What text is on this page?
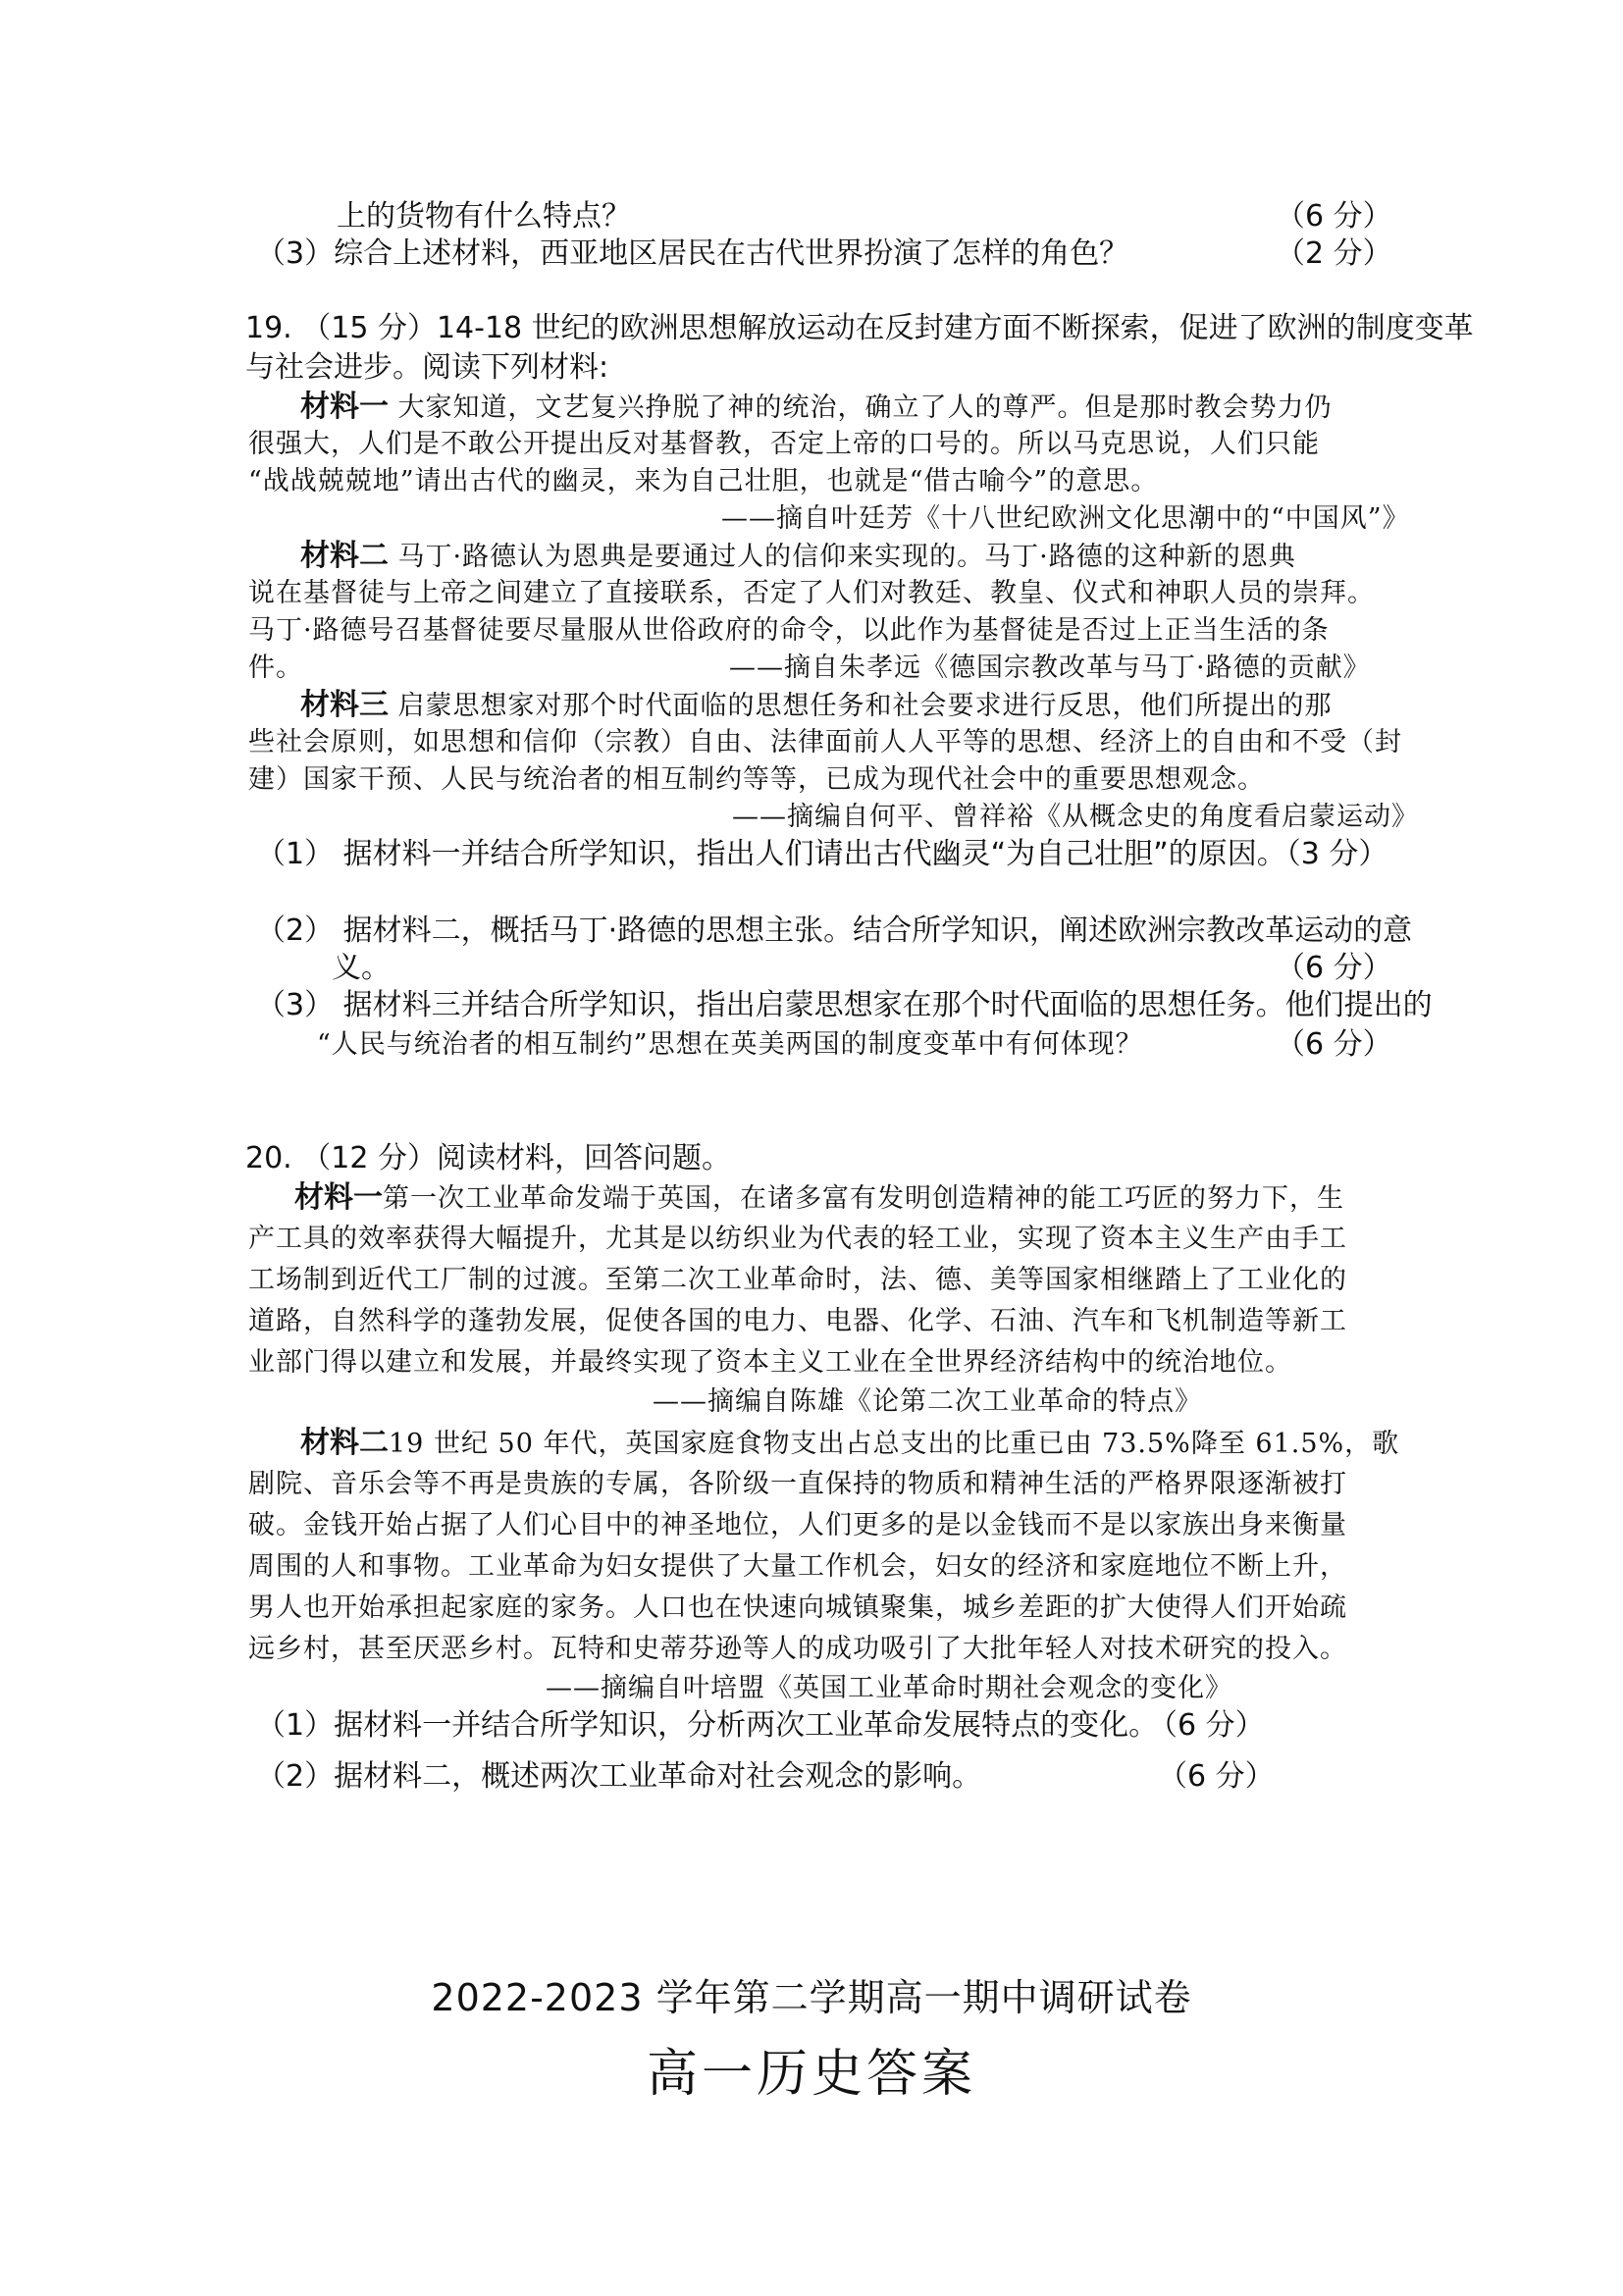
上的货物有什么特点？	（6 分）
（3）综合上述材料，西亚地区居民在古代世界扮演了怎样的角色？	（2 分）
19. （15 分）14-18 世纪的欧洲思想解放运动在反封建方面不断探索，促进了欧洲的制度变革
与社会进步。阅读下列材料:
材料一 大家知道，文艺复兴挣脱了神的统治，确立了人的尊严。但是那时教会势力仍
很强大，人们是不敢公开提出反对基督教，否定上帝的口号的。所以马克思说，人们只能
“战战兢兢地”请出古代的幽灵，来为自己壮胆，也就是“借古喻今”的意思。
——摘自叶廷芳《十八世纪欧洲文化思潮中的“中国风”》
材料二 马丁·路德认为恩典是要通过人的信仰来实现的。马丁·路德的这种新的恩典
说在基督徒与上帝之间建立了直接联系，否定了人们对教廷、教皇、仪式和神职人员的崇拜。
马丁·路德号召基督徒要尽量服从世俗政府的命令，以此作为基督徒是否过上正当生活的条
件。	——摘自朱孝远《德国宗教改革与马丁·路德的贡献》
材料三 启蒙思想家对那个时代面临的思想任务和社会要求进行反思，他们所提出的那
些社会原则，如思想和信仰（宗教）自由、法律面前人人平等的思想、经济上的自由和不受（封
建）国家干预、人民与统治者的相互制约等等，已成为现代社会中的重要思想观念。
——摘编自何平、曾祥裕《从概念史的角度看启蒙运动》
（1） 据材料一并结合所学知识，指出人们请出古代幽灵“为自己壮胆”的原因。（3 分）
（2） 据材料二，概括马丁·路德的思想主张。结合所学知识，阐述欧洲宗教改革运动的意
义。	（6 分）
（3） 据材料三并结合所学知识，指出启蒙思想家在那个时代面临的思想任务。他们提出的
“人民与统治者的相互制约”思想在英美两国的制度变革中有何体现？	（6 分）
20. （12 分）阅读材料，回答问题。
材料一第一次工业革命发端于英国，在诸多富有发明创造精神的能工巧匠的努力下，生
产工具的效率获得大幅提升，尤其是以纺织业为代表的轻工业，实现了资本主义生产由手工
工场制到近代工厂制的过渡。至第二次工业革命时，法、德、美等国家相继踏上了工业化的
道路，自然科学的蓬勃发展，促使各国的电力、电器、化学、石油、汽车和飞机制造等新工
业部门得以建立和发展，并最终实现了资本主义工业在全世界经济结构中的统治地位。
——摘编自陈雄《论第二次工业革命的特点》
材料二19 世纪 50 年代，英国家庭食物支出占总支出的比重已由 73.5%降至 61.5%，歌
剧院、音乐会等不再是贵族的专属，各阶级一直保持的物质和精神生活的严格界限逐渐被打
破。金钱开始占据了人们心目中的神圣地位，人们更多的是以金钱而不是以家族出身来衡量
周围的人和事物。工业革命为妇女提供了大量工作机会，妇女的经济和家庭地位不断上升，
男人也开始承担起家庭的家务。人口也在快速向城镇聚集，城乡差距的扩大使得人们开始疏
远乡村，甚至厌恶乡村。瓦特和史蒂芬逊等人的成功吸引了大批年轻人对技术研究的投入。
——摘编自叶培盟《英国工业革命时期社会观念的变化》
（1）据材料一并结合所学知识，分析两次工业革命发展特点的变化。
（6 分）
（2）据材料二，概述两次工业革命对社会观念的影响。	（6 分）
2022-2023 学年第二学期高一期中调研试卷
高一历史答案
